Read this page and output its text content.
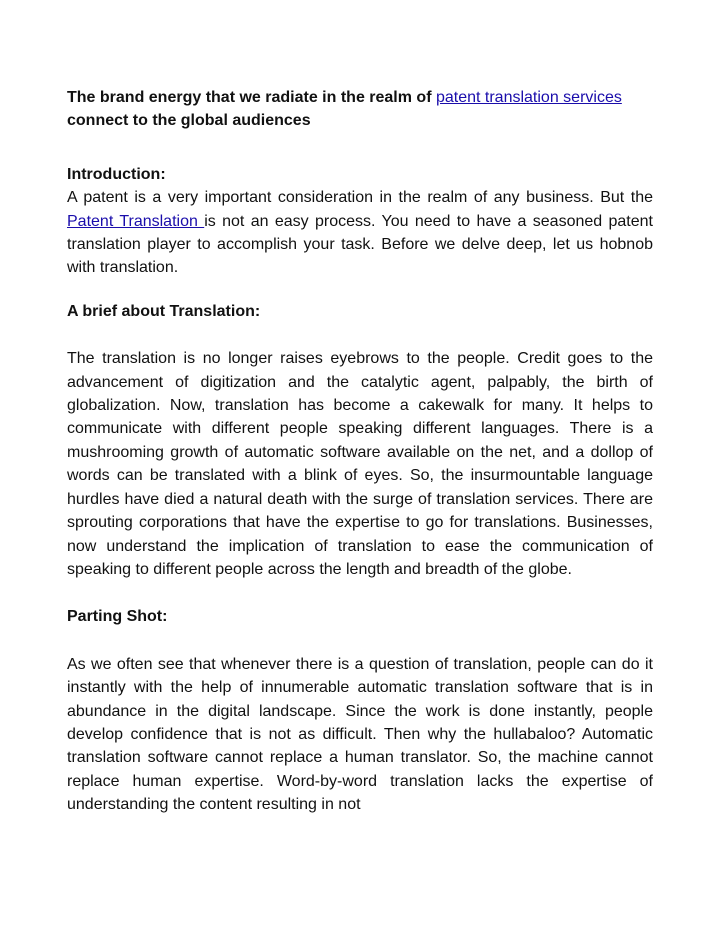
The brand energy that we radiate in the realm of patent translation services connect to the global audiences

Introduction:

A patent is a very important consideration in the realm of any business. But the Patent Translation is not an easy process. You need to have a seasoned patent translation player to accomplish your task. Before we delve deep, let us hobnob with translation.

A brief about Translation:

The translation is no longer raises eyebrows to the people. Credit goes to the advancement of digitization and the catalytic agent, palpably, the birth of globalization. Now, translation has become a cakewalk for many. It helps to communicate with different people speaking different languages. There is a mushrooming growth of automatic software available on the net, and a dollop of words can be translated with a blink of eyes. So, the insurmountable language hurdles have died a natural death with the surge of translation services. There are sprouting corporations that have the expertise to go for translations. Businesses, now understand the implication of translation to ease the communication of speaking to different people across the length and breadth of the globe.

Parting Shot:

As we often see that whenever there is a question of translation, people can do it instantly with the help of innumerable automatic translation software that is in abundance in the digital landscape. Since the work is done instantly, people develop confidence that is not as difficult. Then why the hullabaloo? Automatic translation software cannot replace a human translator. So, the machine cannot replace human expertise. Word-by-word translation lacks the expertise of understanding the content resulting in not
